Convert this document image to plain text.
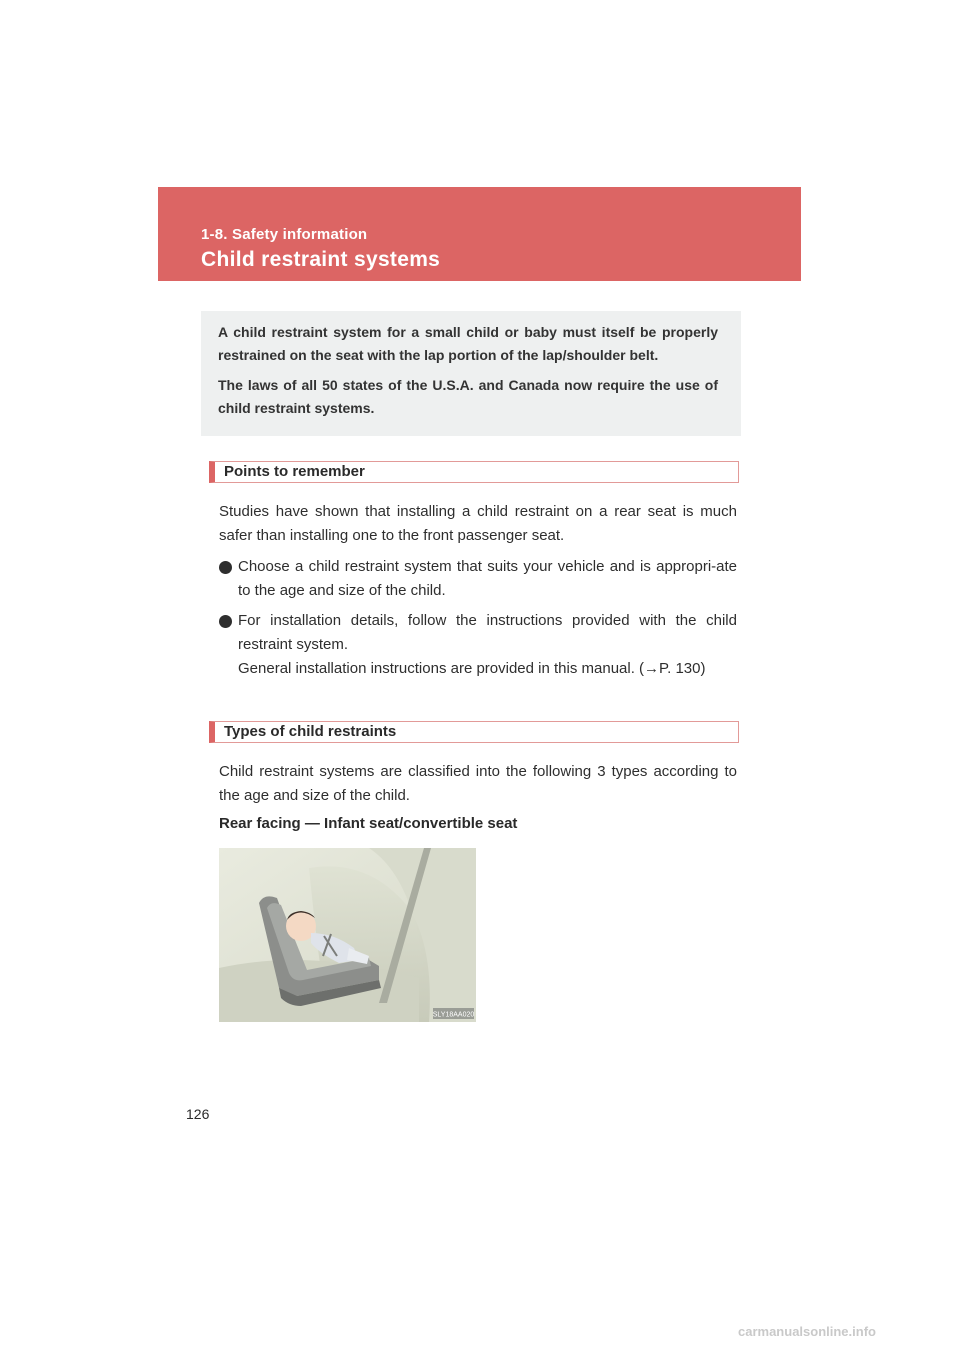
1-8. Safety information
Child restraint systems
A child restraint system for a small child or baby must itself be properly restrained on the seat with the lap portion of the lap/shoulder belt.
The laws of all 50 states of the U.S.A. and Canada now require the use of child restraint systems.
Points to remember
Studies have shown that installing a child restraint on a rear seat is much safer than installing one to the front passenger seat.
Choose a child restraint system that suits your vehicle and is appropri-ate to the age and size of the child.
For installation details, follow the instructions provided with the child restraint system.
General installation instructions are provided in this manual. (→P. 130)
Types of child restraints
Child restraint systems are classified into the following 3 types according to the age and size of the child.
Rear facing — Infant seat/convertible seat
SLY18AA020
126
carmanualsonline.info
